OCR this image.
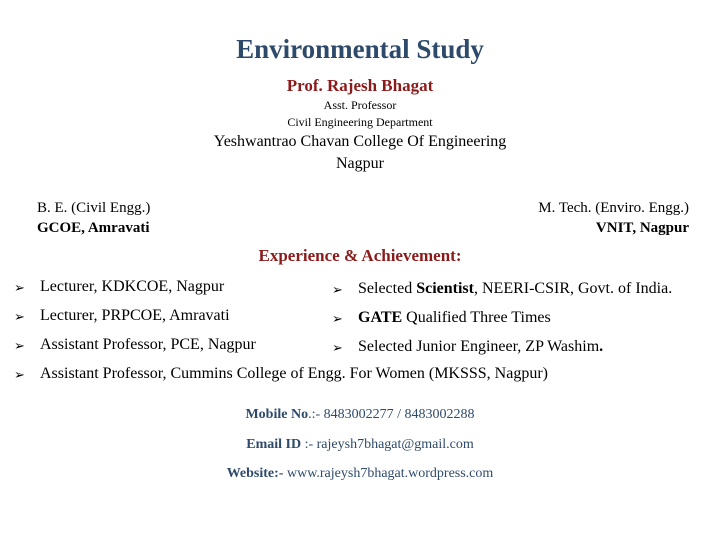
Environmental Study
Prof. Rajesh Bhagat
Asst. Professor
Civil Engineering Department
Yeshwantrao Chavan College Of Engineering
Nagpur
B. E. (Civil Engg.)
GCOE, Amravati
M. Tech. (Enviro. Engg.)
VNIT, Nagpur
Experience & Achievement:
➢ Lecturer, KDKCOE, Nagpur
➢ Lecturer, PRPCOE, Amravati
➢ Assistant Professor, PCE, Nagpur
➢ Selected Scientist, NEERI-CSIR, Govt. of India.
➢ GATE Qualified Three Times
➢ Selected Junior Engineer, ZP Washim.
➢ Assistant Professor, Cummins College of Engg. For Women (MKSSS, Nagpur)
Mobile No.:- 8483002277 / 8483002288
Email ID :- rajeysh7bhagat@gmail.com
Website:- www.rajeysh7bhagat.wordpress.com
